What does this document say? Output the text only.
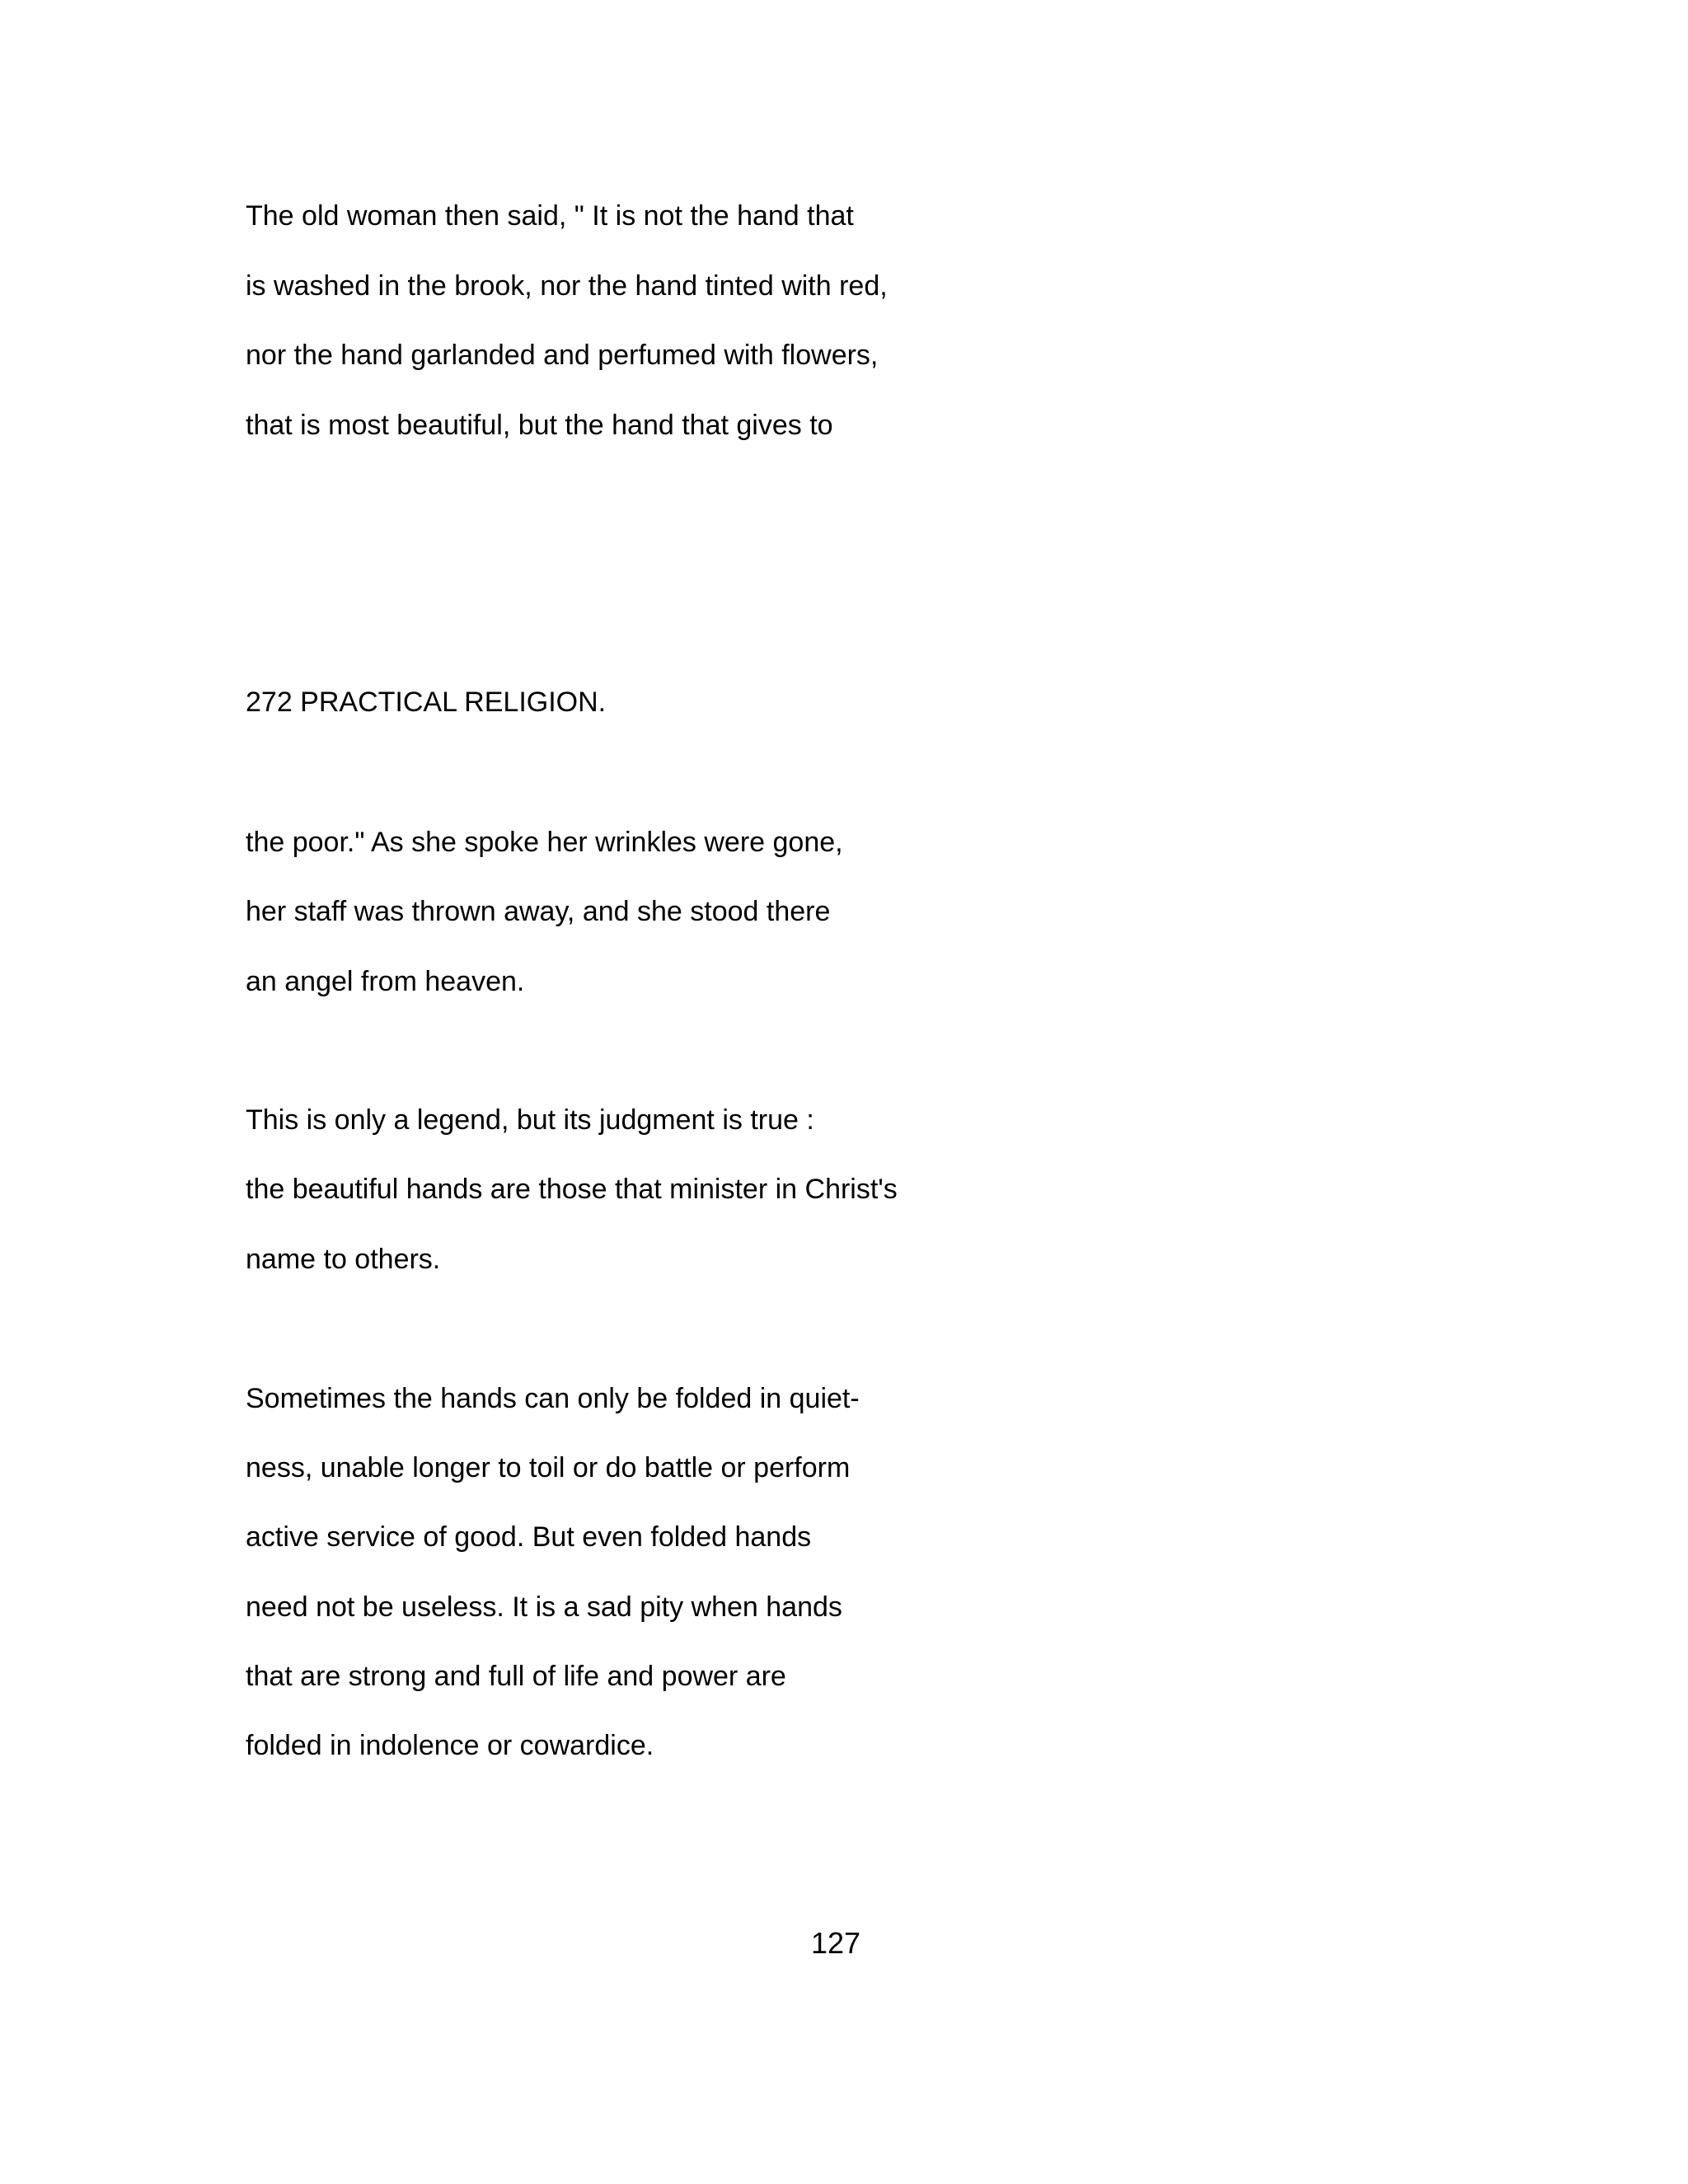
The old woman then said, " It is not the hand that
is washed in the brook, nor the hand tinted with red,
nor the hand garlanded and perfumed with flowers,
that is most beautiful, but the hand that gives to
272 PRACTICAL RELIGION.
the poor." As she spoke her wrinkles were gone,
her staff was thrown away, and she stood there
an angel from heaven.
This is only a legend, but its judgment is true :
the beautiful hands are those that minister in Christ's
name to others.
Sometimes the hands can only be folded in quiet-
ness, unable longer to toil or do battle or perform
active service of good. But even folded hands
need not be useless. It is a sad pity when hands
that are strong and full of life and power are
folded in indolence or cowardice.
127
